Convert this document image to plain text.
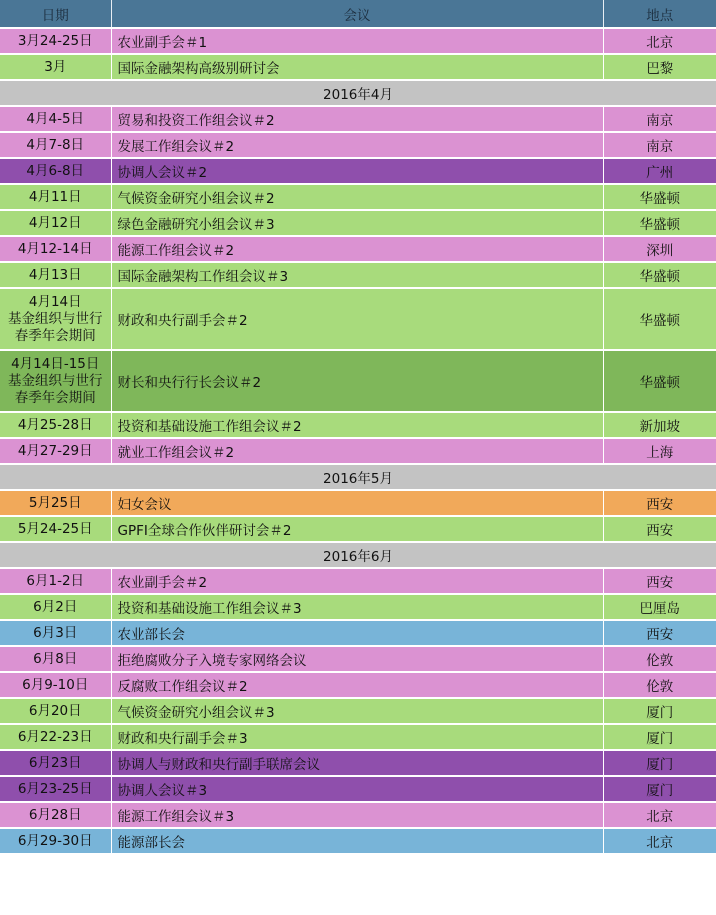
日期	会议	地点

3月24-25日	农业副手会＃1	北京

3月	国际金融架构高级别研讨会	巴黎
2016年4月		

4月4-5日	贸易和投资工作组会议＃2	南京

4月7-8日	发展工作组会议＃2	南京

4月6-8日	协调人会议＃2	广州

4月11日	气候资金研究小组会议＃2	华盛顿

4月12日	绿色金融研究小组会议＃3	华盛顿

4月12-14日	能源工作组会议＃2	深圳

4月13日	国际金融架构工作组会议＃3	华盛顿

4月14日
基金组织与世行
春季年会期间	财政和央行副手会＃2	华盛顿

4月14日-15日
基金组织与世行
春季年会期间	财长和央行行长会议＃2	华盛顿

4月25-28日	投资和基础设施工作组会议＃2	新加坡

4月27-29日	就业工作组会议＃2	上海
2016年5月		

5月25日	妇女会议	西安

5月24-25日	GPFI全球合作伙伴研讨会＃2	西安
2016年6月		

6月1-2日	农业副手会＃2	西安

6月2日	投资和基础设施工作组会议＃3	巴厘岛

6月3日	农业部长会	西安

6月8日	拒绝腐败分子入境专家网络会议	伦敦

6月9-10日	反腐败工作组会议＃2	伦敦

6月20日	气候资金研究小组会议＃3	厦门

6月22-23日	财政和央行副手会＃3	厦门

6月23日	协调人与财政和央行副手联席会议	厦门

6月23-25日	协调人会议＃3	厦门

6月28日	能源工作组会议＃3	北京

6月29-30日	能源部长会	北京
